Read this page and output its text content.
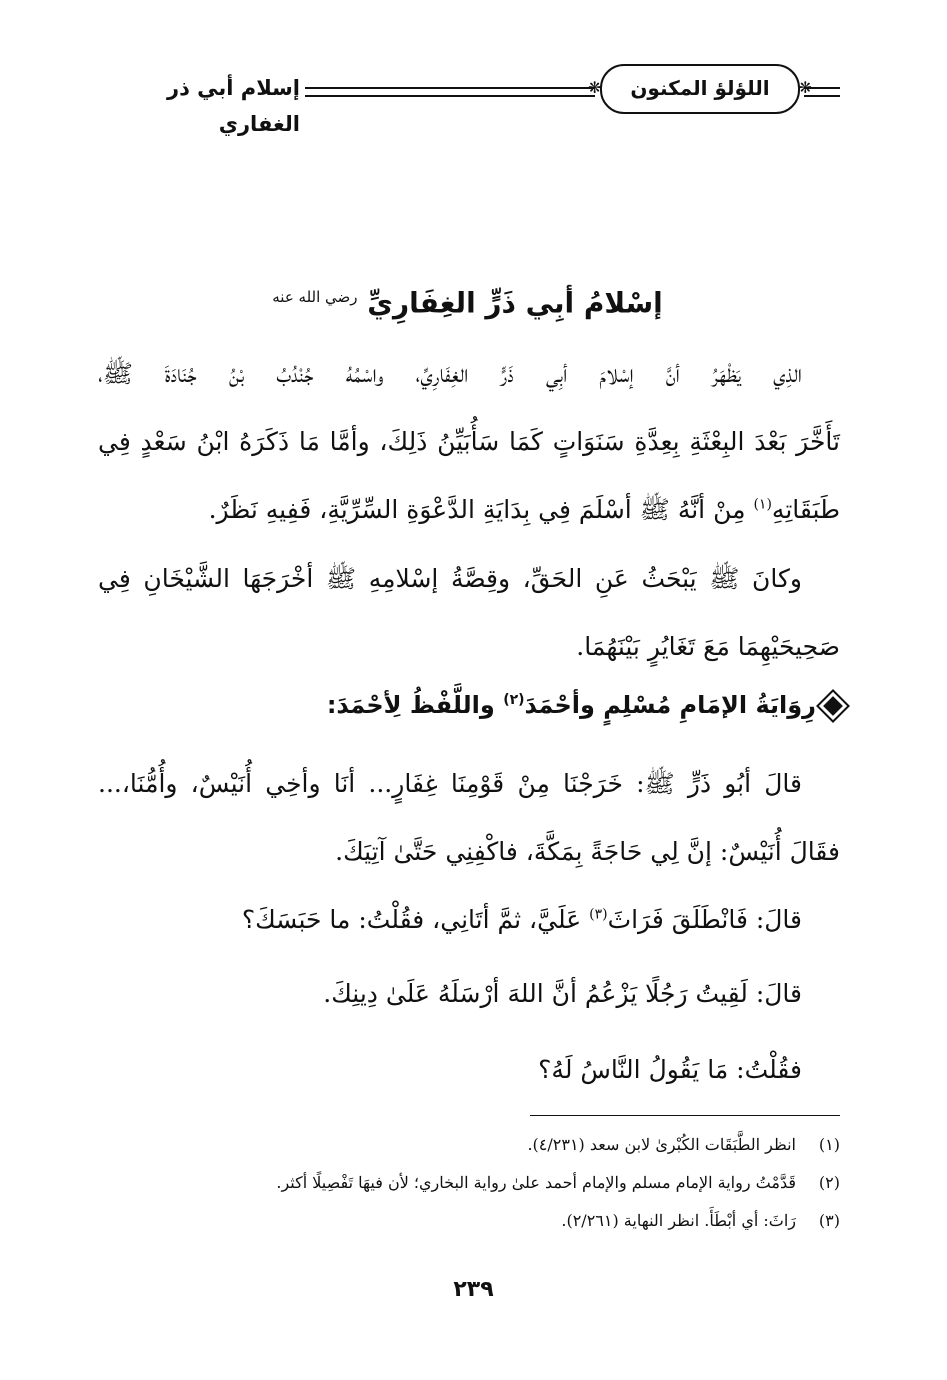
❋
اللؤلؤ المكنون
❋
إسلام أبي ذر الغفاري
إسْلامُ أبِي ذَرٍّ الغِفَارِيِّ $^{رضي الله عنه}$
الذِي يَظْهَرُ أنَّ إسْلامَ أبِي ذَرٍّ الغِفَارِيِّ، واسْمُهُ جُنْدُبُ بْنُ جُنَادَةَ ﷺ،
تَأَخَّرَ بَعْدَ البِعْثَةِ بِعِدَّةِ سَنَوَاتٍ كَمَا سَأُبَيِّنُ ذَلِكَ، وأمَّا مَا ذَكَرَهُ ابْنُ سَعْدٍ فِي
طَبَقَاتِهِ$^{(١)}$ مِنْ أنَّهُ ﷺ أسْلَمَ فِي بِدَايَةِ الدَّعْوَةِ السِّرِّيَّةِ، فَفِيهِ نَظَرٌ.
وكانَ ﷺ يَبْحَثُ عَنِ الحَقِّ، وقِصَّةُ إسْلامِهِ ﷺ أخْرَجَهَا الشَّيْخَانِ فِي
صَحِيحَيْهِمَا مَعَ تَغَايُرٍ بَيْنَهُمَا.
رِوَايَةُ الإمَامِ مُسْلِمٍ وأحْمَدَ$^{(٢)}$ واللَّفْظُ لِأحْمَدَ:
قالَ أبُو ذَرٍّ ﷺ: خَرَجْنَا مِنْ قَوْمِنَا غِفَارٍ... أنَا وأخِي أُنَيْسٌ، وأُمُّنَا،...
فقَالَ أُنَيْسٌ: إنَّ لِي حَاجَةً بِمَكَّةَ، فاكْفِنِي حَتَّىٰ آتِيَكَ.
قالَ: فَانْطَلَقَ فَرَاثَ$^{(٣)}$ عَلَيَّ، ثمَّ أتَانِي، فقُلْتُ: ما حَبَسَكَ؟
قالَ: لَقِيتُ رَجُلًا يَزْعُمُ أنَّ اللهَ أرْسَلَهُ عَلَىٰ دِينِكَ.
فقُلْتُ: مَا يَقُولُ النَّاسُ لَهُ؟
(١)انظر الطَّبَقَات الكُبْرىٰ لابن سعد (٤/٢٣١).
(٢)قَدَّمْتُ رواية الإمام مسلم والإمام أحمد علىٰ رواية البخاري؛ لأن فيهَا تَفْصِيلًا أكثر.
(٣)رَاثَ: أي أبْطَأَ. انظر النهاية (٢/٢٦١).
٢٣٩
